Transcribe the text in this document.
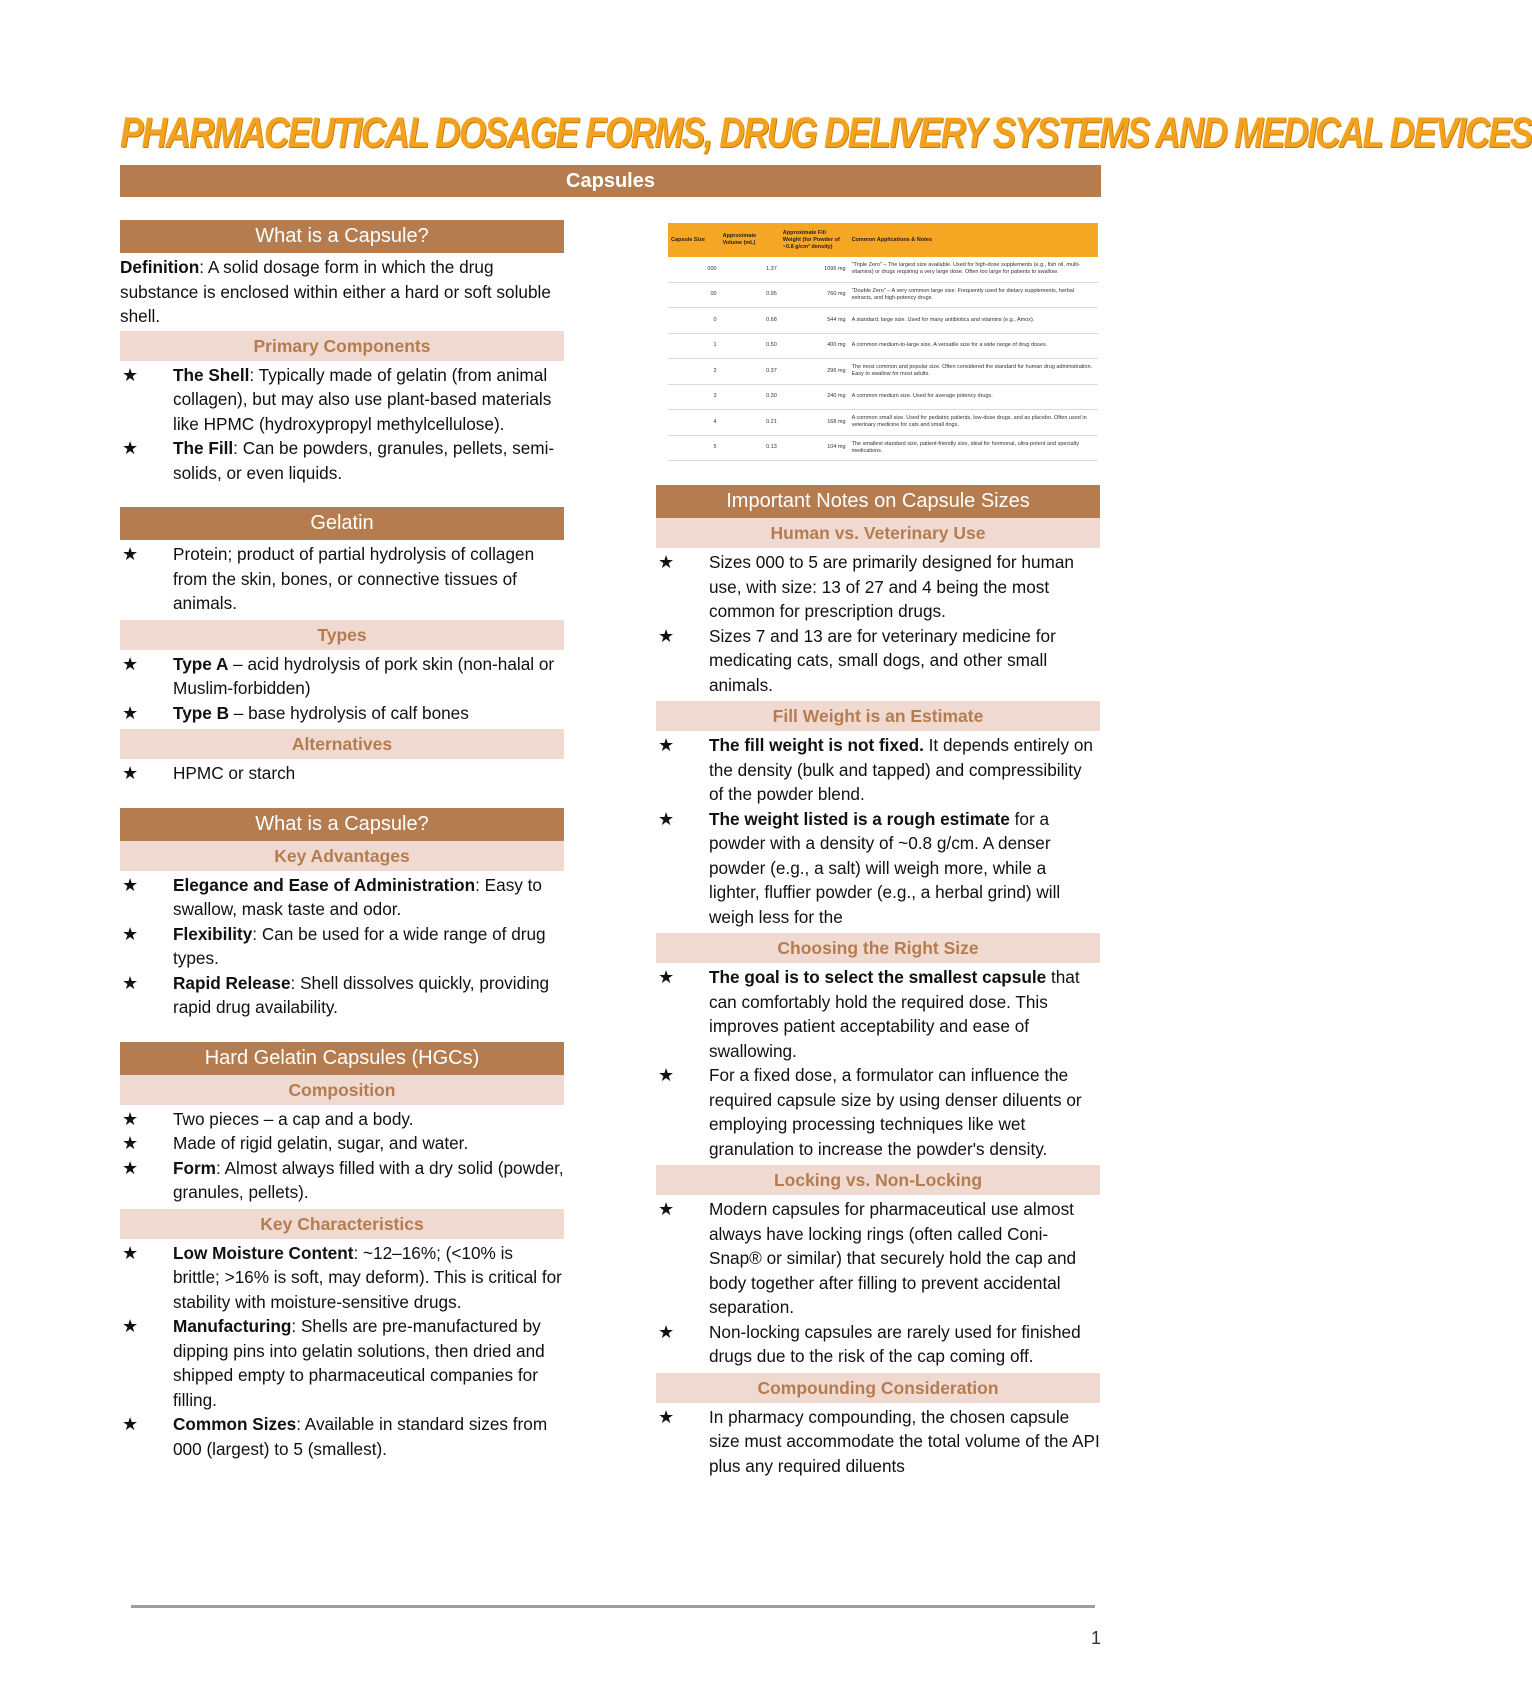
PHARMACEUTICAL DOSAGE FORMS, DRUG DELIVERY SYSTEMS AND MEDICAL DEVICES
Capsules
What is a Capsule?

Definition: A solid dosage form in which the drug substance is enclosed within either a hard or soft soluble shell.

Primary Components
★ The Shell: Typically made of gelatin (from animal collagen), but may also use plant-based materials like HPMC (hydroxypropyl methylcellulose).
★ The Fill: Can be powders, granules, pellets, semi-solids, or even liquids.
Gelatin
★ Protein; product of partial hydrolysis of collagen from the skin, bones, or connective tissues of animals.
Types
★ Type A – acid hydrolysis of pork skin (non-halal or Muslim-forbidden)
★ Type B – base hydrolysis of calf bones
Alternatives
★ HPMC or starch
What is a Capsule?
Key Advantages
★ Elegance and Ease of Administration: Easy to swallow, mask taste and odor.
★ Flexibility: Can be used for a wide range of drug types.
★ Rapid Release: Shell dissolves quickly, providing rapid drug availability.
Hard Gelatin Capsules (HGCs)
Composition
★ Two pieces – a cap and a body.
★ Made of rigid gelatin, sugar, and water.
★ Form: Almost always filled with a dry solid (powder, granules, pellets).
Key Characteristics
★ Low Moisture Content: ~12–16%; (<10% is brittle; >16% is soft, may deform). This is critical for stability with moisture-sensitive drugs.
★ Manufacturing: Shells are pre-manufactured by dipping pins into gelatin solutions, then dried and shipped empty to pharmaceutical companies for filling.
★ Common Sizes: Available in standard sizes from 000 (largest) to 5 (smallest).
Capsule Size	Approximate Volume (mL)	Approximate Fill Weight (for Powder of ~0.8 g/cm³ density)	Common Applications & Notes
000	1.37	1096 mg	"Triple Zero" – The largest size available. Used for high-dose supplements (e.g., fish oil, multi-vitamins) or drugs requiring a very large dose. Often too large for patients to swallow.
00	0.95	760 mg	"Double Zero" – A very common large size. Frequently used for dietary supplements, herbal extracts, and high-potency drugs.
0	0.68	544 mg	A standard, large size. Used for many antibiotics and vitamins (e.g., Amox).
1	0.50	400 mg	A common medium-to-large size. A versatile size for a wide range of drug doses.
2	0.37	296 mg	The most common and popular size. Often considered the standard for human drug administration. Easy to swallow for most adults.
3	0.30	240 mg	A common medium size. Used for average potency drugs.
4	0.21	168 mg	A common small size. Used for pediatric patients, low-dose drugs, and as placebo. Often used in veterinary medicine for cats and small dogs.
5	0.13	104 mg	The smallest standard size, patient-friendly size, ideal for hormonal, ultra-potent and specialty medications.
Important Notes on Capsule Sizes
Human vs. Veterinary Use
★ Sizes 000 to 5 are primarily designed for human use, with size: 13 of 27 and 4 being the most common for prescription drugs.
★ Sizes 7 and 13 are for veterinary medicine for medicating cats, small dogs, and other small animals.
Fill Weight is an Estimate
★ The fill weight is not fixed. It depends entirely on the density (bulk and tapped) and compressibility of the powder blend.
★ The weight listed is a rough estimate for a powder with a density of ~0.8 g/cm. A denser powder (e.g., a salt) will weigh more, while a lighter, fluffier powder (e.g., a herbal grind) will weigh less for the
Choosing the Right Size
★ The goal is to select the smallest capsule that can comfortably hold the required dose. This improves patient acceptability and ease of swallowing.
★ For a fixed dose, a formulator can influence the required capsule size by using denser diluents or employing processing techniques like wet granulation to increase the powder's density.
Locking vs. Non-Locking
★ Modern capsules for pharmaceutical use almost always have locking rings (often called Coni-Snap® or similar) that securely hold the cap and body together after filling to prevent accidental separation.
★ Non-locking capsules are rarely used for finished drugs due to the risk of the cap coming off.
Compounding Consideration
★ In pharmacy compounding, the chosen capsule size must accommodate the total volume of the API plus any required diluents
1
